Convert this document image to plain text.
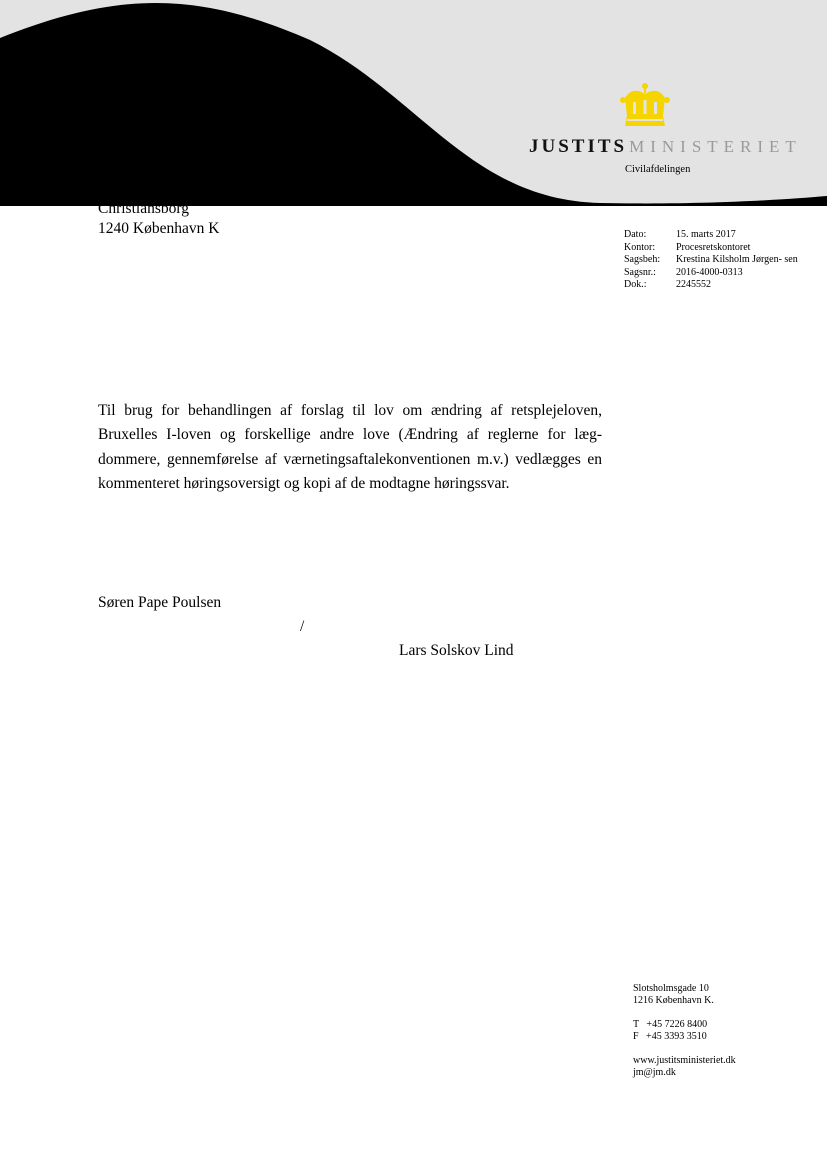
JUSTITS MINISTERIET
Civilafdelingen
Christiansborg
1240 København K	Dato:	15. marts 2017
Kontor:	Procesretskontoret
Sagsbeh:	Krestina Kilsholm Jørgen- sen
Sagsnr.:	2016-4000-0313
Dok.:	2245552

Til brug for behandlingen af forslag til lov om ændring af retsplejeloven, Bruxelles I-loven og forskellige andre love (Ændring af reglerne for lægdommere, gennemførelse af værnetingsaftalekonventionen m.v.) vedlægges en kommenteret høringsoversigt og kopi af de modtagne høringssvar.

Søren Pape Poulsen
/
Lars Solskov Lind
Slotsholmsgade 10
1216 København K.
T   +45 7226 8400
F   +45 3393 3510
www.justitsministeriet.dk
jm@jm.dk
